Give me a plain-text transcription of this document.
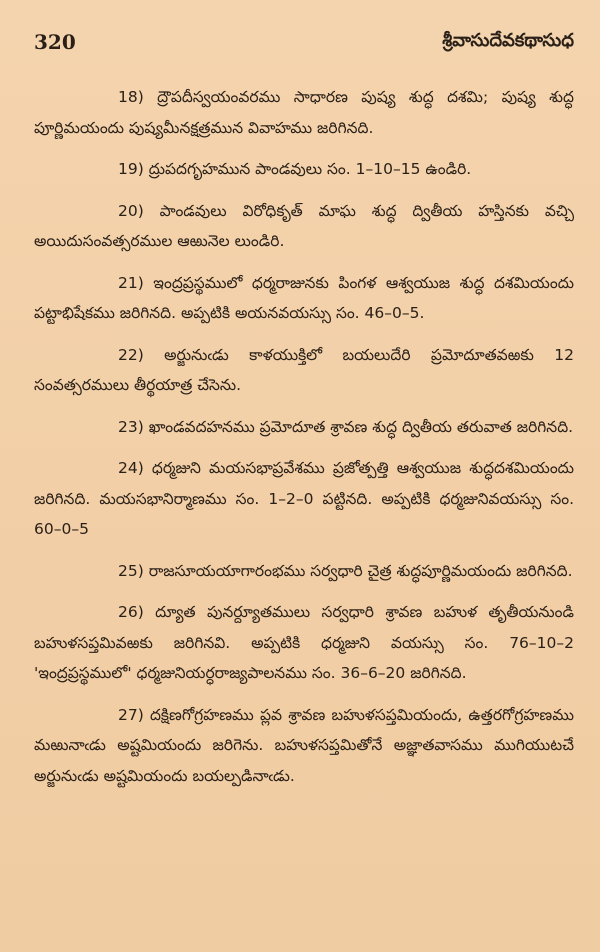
320	శ్రీవాసుదేవకథాసుధ

18) ద్రౌపదీస్వయంవరము సాధారణ పుష్య శుద్ధ దశమి; పుష్య శుద్ధ పూర్ణిమయందు పుష్యమీనక్షత్రమున వివాహము జరిగినది.

19) ద్రుపదగృహమున పాండవులు సం. 1–10–15 ఉండిరి.

20) పాండవులు విరోధికృత్ మాఘ శుద్ధ ద్వితీయ హస్తినకు వచ్చి అయిదుసంవత్సరముల ఆఱునెల లుండిరి.

21) ఇంద్రప్రస్థములో ధర్మరాజునకు పింగళ ఆశ్వయుజ శుద్ధ దశమియందు పట్టాభిషేకము జరిగినది. అప్పటికి అయనవయస్సు సం. 46–0–5.

22) అర్జునుఁడు కాళయుక్తిలో బయలుదేరి ప్రమోదూతవఱకు 12 సంవత్సరములు తీర్థయాత్ర చేసెను.

23) ఖాండవదహనము ప్రమోదూత శ్రావణ శుద్ధ ద్వితీయ తరువాత జరిగినది.

24) ధర్మజుని మయసభాప్రవేశము ప్రజోత్పత్తి ఆశ్వయుజ శుద్ధదశమియందు జరిగినది. మయసభానిర్మాణము సం. 1–2–0 పట్టినది. అప్పటికి ధర్మజునివయస్సు సం. 60–0–5

25) రాజసూయయాగారంభము సర్వధారి చైత్ర శుద్ధపూర్ణిమయందు జరిగినది.

26) ద్యూత పునర్ద్యూతములు సర్వధారి శ్రావణ బహుళ తృతీయనుండి బహుళసప్తమివఱకు జరిగినవి. అప్పటికి ధర్మజుని వయస్సు సం. 76–10–2 'ఇంద్రప్రస్థములో' ధర్మజునియర్ధరాజ్యపాలనము సం. 36–6–20 జరిగినది.

27) దక్షిణగోగ్రహణము ప్లవ శ్రావణ బహుళసప్తమియందు, ఉత్తరగోగ్రహణము మఱునాఁడు అష్టమియందు జరిగెను. బహుళసప్తమితోనే అజ్ఞాతవాసము ముగియుటచే అర్జునుఁడు అష్టమియందు బయల్పడినాఁడు.
